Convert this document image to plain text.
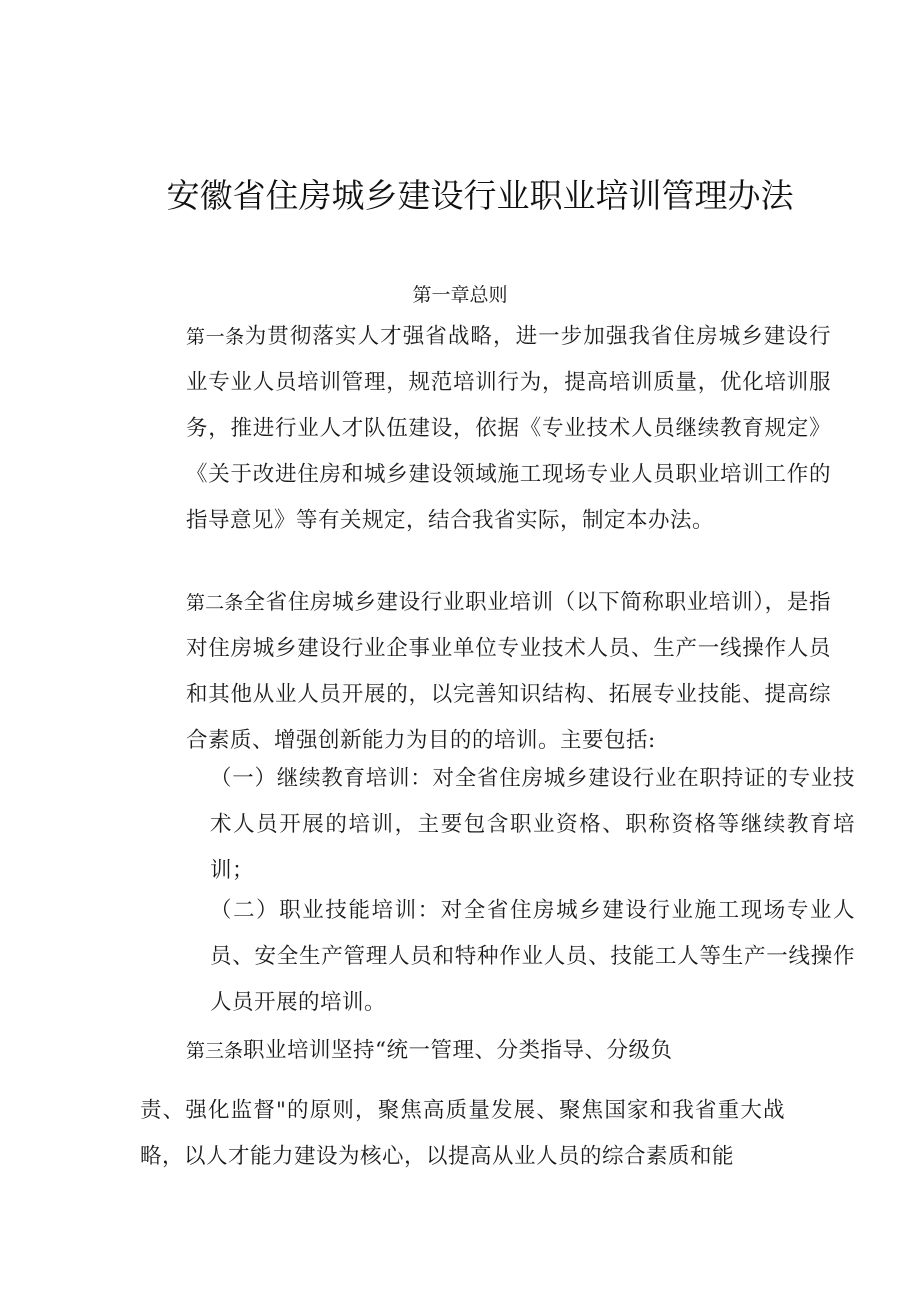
安徽省住房城乡建设行业职业培训管理办法
第一章总则
第一条为贯彻落实人才强省战略，进一步加强我省住房城乡建设行业专业人员培训管理，规范培训行为，提高培训质量，优化培训服务，推进行业人才队伍建设，依据《专业技术人员继续教育规定》《关于改进住房和城乡建设领域施工现场专业人员职业培训工作的指导意见》等有关规定，结合我省实际，制定本办法。
第二条全省住房城乡建设行业职业培训（以下简称职业培训），是指对住房城乡建设行业企事业单位专业技术人员、生产一线操作人员和其他从业人员开展的，以完善知识结构、拓展专业技能、提高综合素质、增强创新能力为目的的培训。主要包括:
（一）继续教育培训：对全省住房城乡建设行业在职持证的专业技术人员开展的培训，主要包含职业资格、职称资格等继续教育培训；
（二）职业技能培训：对全省住房城乡建设行业施工现场专业人员、安全生产管理人员和特种作业人员、技能工人等生产一线操作人员开展的培训。
第三条职业培训坚持“统一管理、分类指导、分级负
责、强化监督"的原则，聚焦高质量发展、聚焦国家和我省重大战略，以人才能力建设为核心，以提高从业人员的综合素质和能
